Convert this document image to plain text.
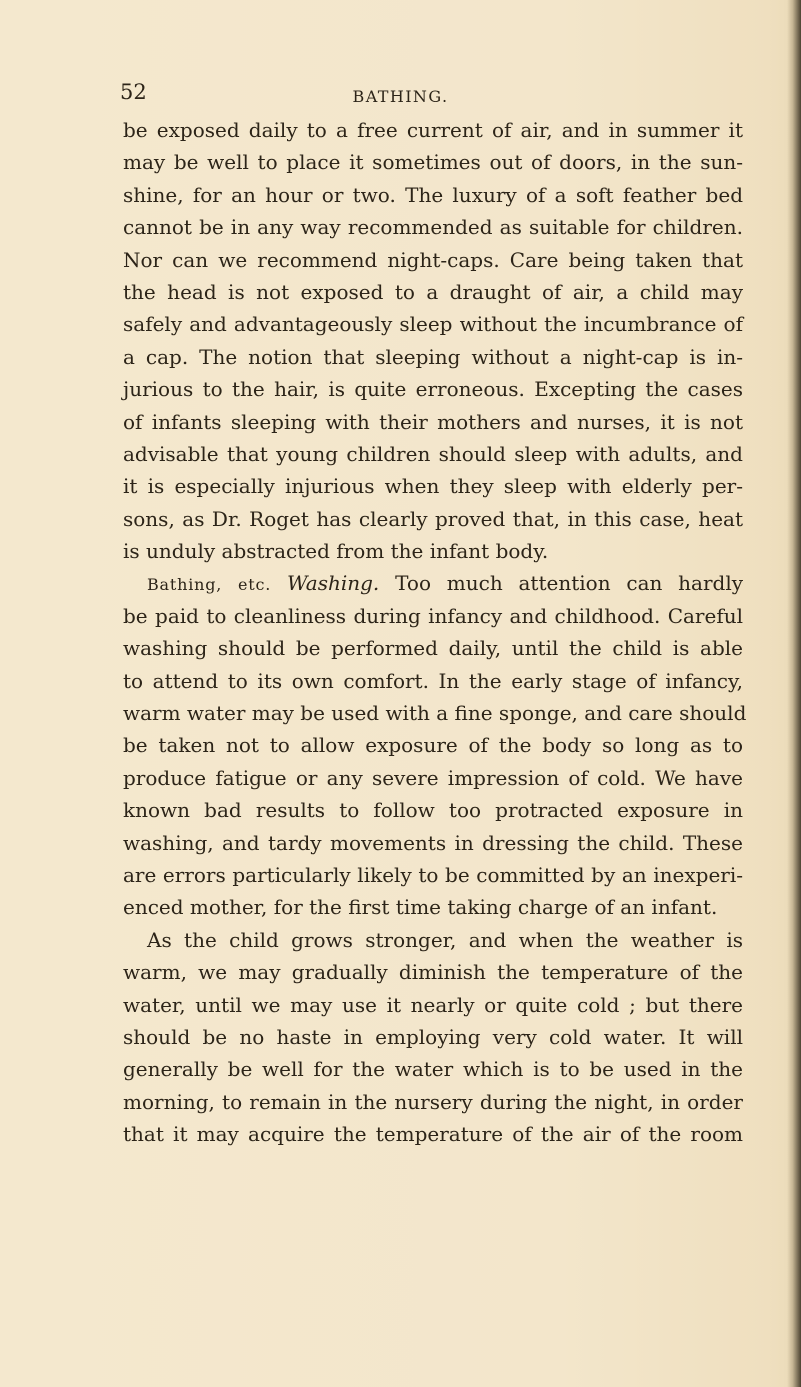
52	BATHING.
be exposed daily to a free current of air, and in summer it
may be well to place it sometimes out of doors, in the sun-
shine, for an hour or two. The luxury of a soft feather bed
cannot be in any way recommended as suitable for children.
Nor can we recommend night-caps. Care being taken that
the head is not exposed to a draught of air, a child may
safely and advantageously sleep without the incumbrance of
a cap. The notion that sleeping without a night-cap is in-
jurious to the hair, is quite erroneous. Excepting the cases
of infants sleeping with their mothers and nurses, it is not
advisable that young children should sleep with adults, and
it is especially injurious when they sleep with elderly per-
sons, as Dr. Roget has clearly proved that, in this case, heat
is unduly abstracted from the infant body.
Bathing, etc. Washing. Too much attention can hardly
be paid to cleanliness during infancy and childhood. Careful
washing should be performed daily, until the child is able
to attend to its own comfort. In the early stage of infancy,
warm water may be used with a fine sponge, and care should
be taken not to allow exposure of the body so long as to
produce fatigue or any severe impression of cold. We have
known bad results to follow too protracted exposure in
washing, and tardy movements in dressing the child. These
are errors particularly likely to be committed by an inexperi-
enced mother, for the first time taking charge of an infant.
As the child grows stronger, and when the weather is
warm, we may gradually diminish the temperature of the
water, until we may use it nearly or quite cold ; but there
should be no haste in employing very cold water. It will
generally be well for the water which is to be used in the
morning, to remain in the nursery during the night, in order
that it may acquire the temperature of the air of the room
